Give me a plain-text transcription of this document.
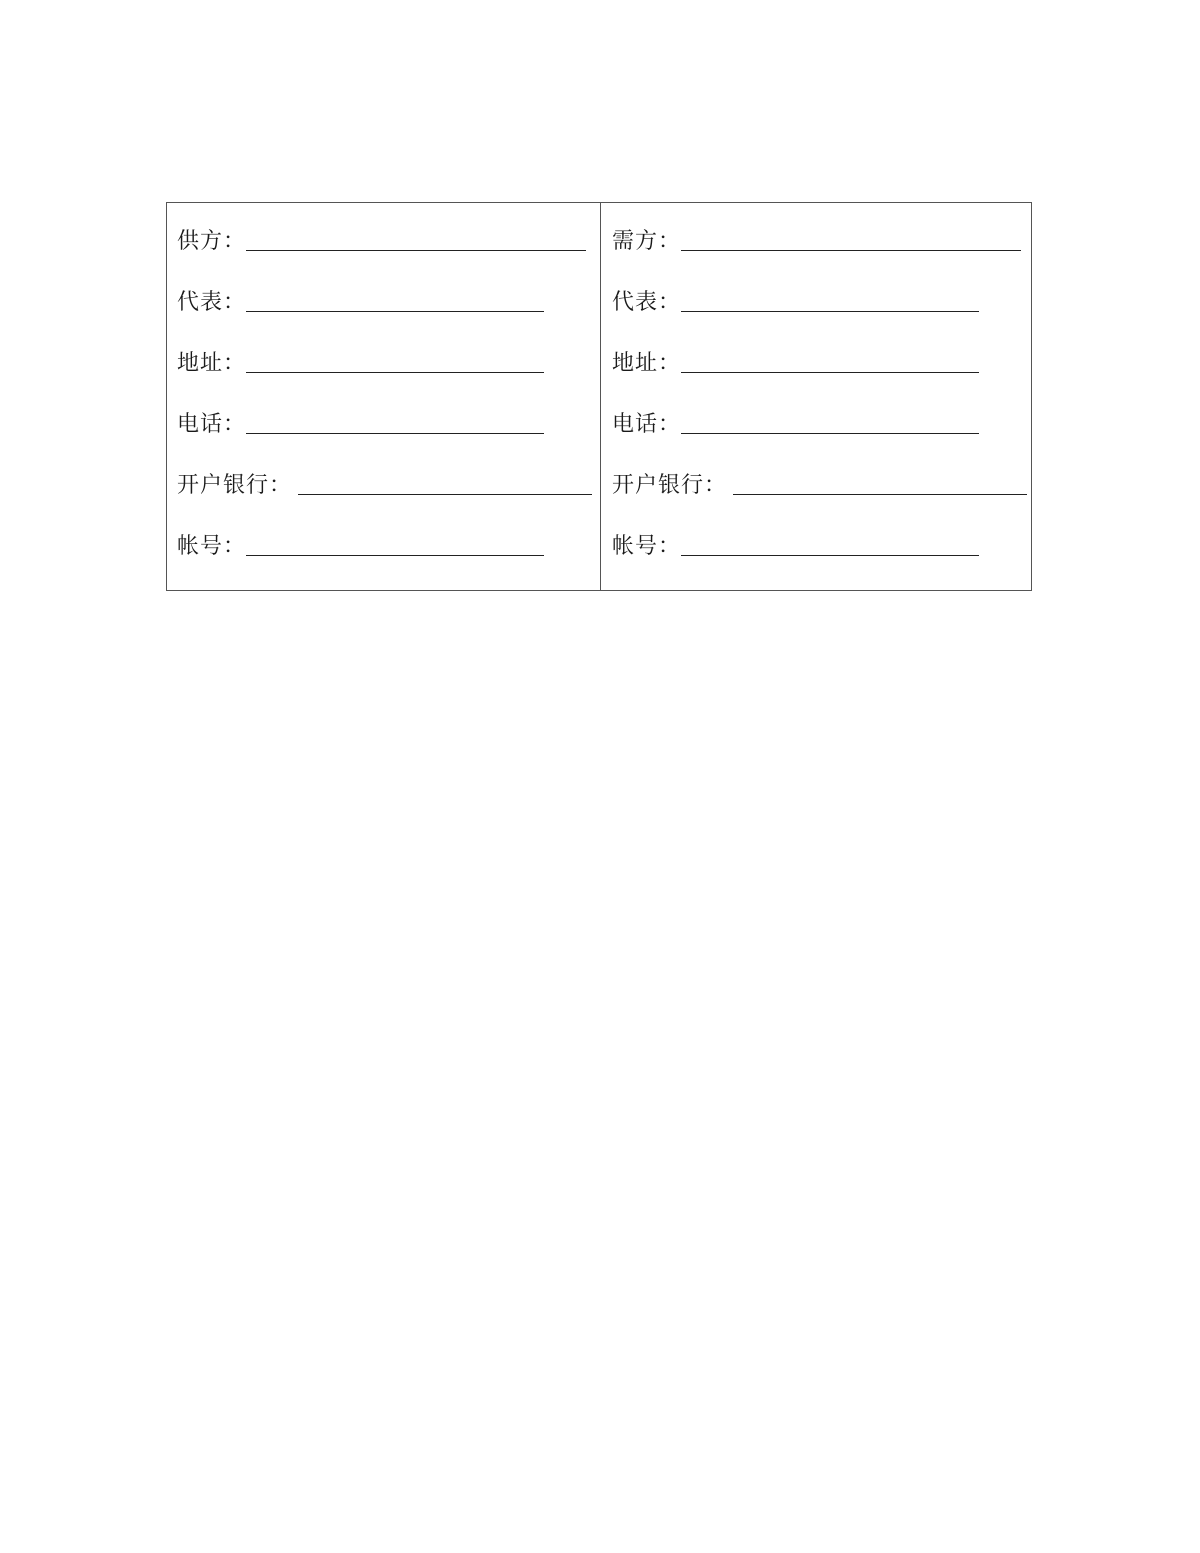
供方：
代表：
地址：
电话：
开户银行：
帐号：
需方：
代表：
地址：
电话：
开户银行：
帐号：
